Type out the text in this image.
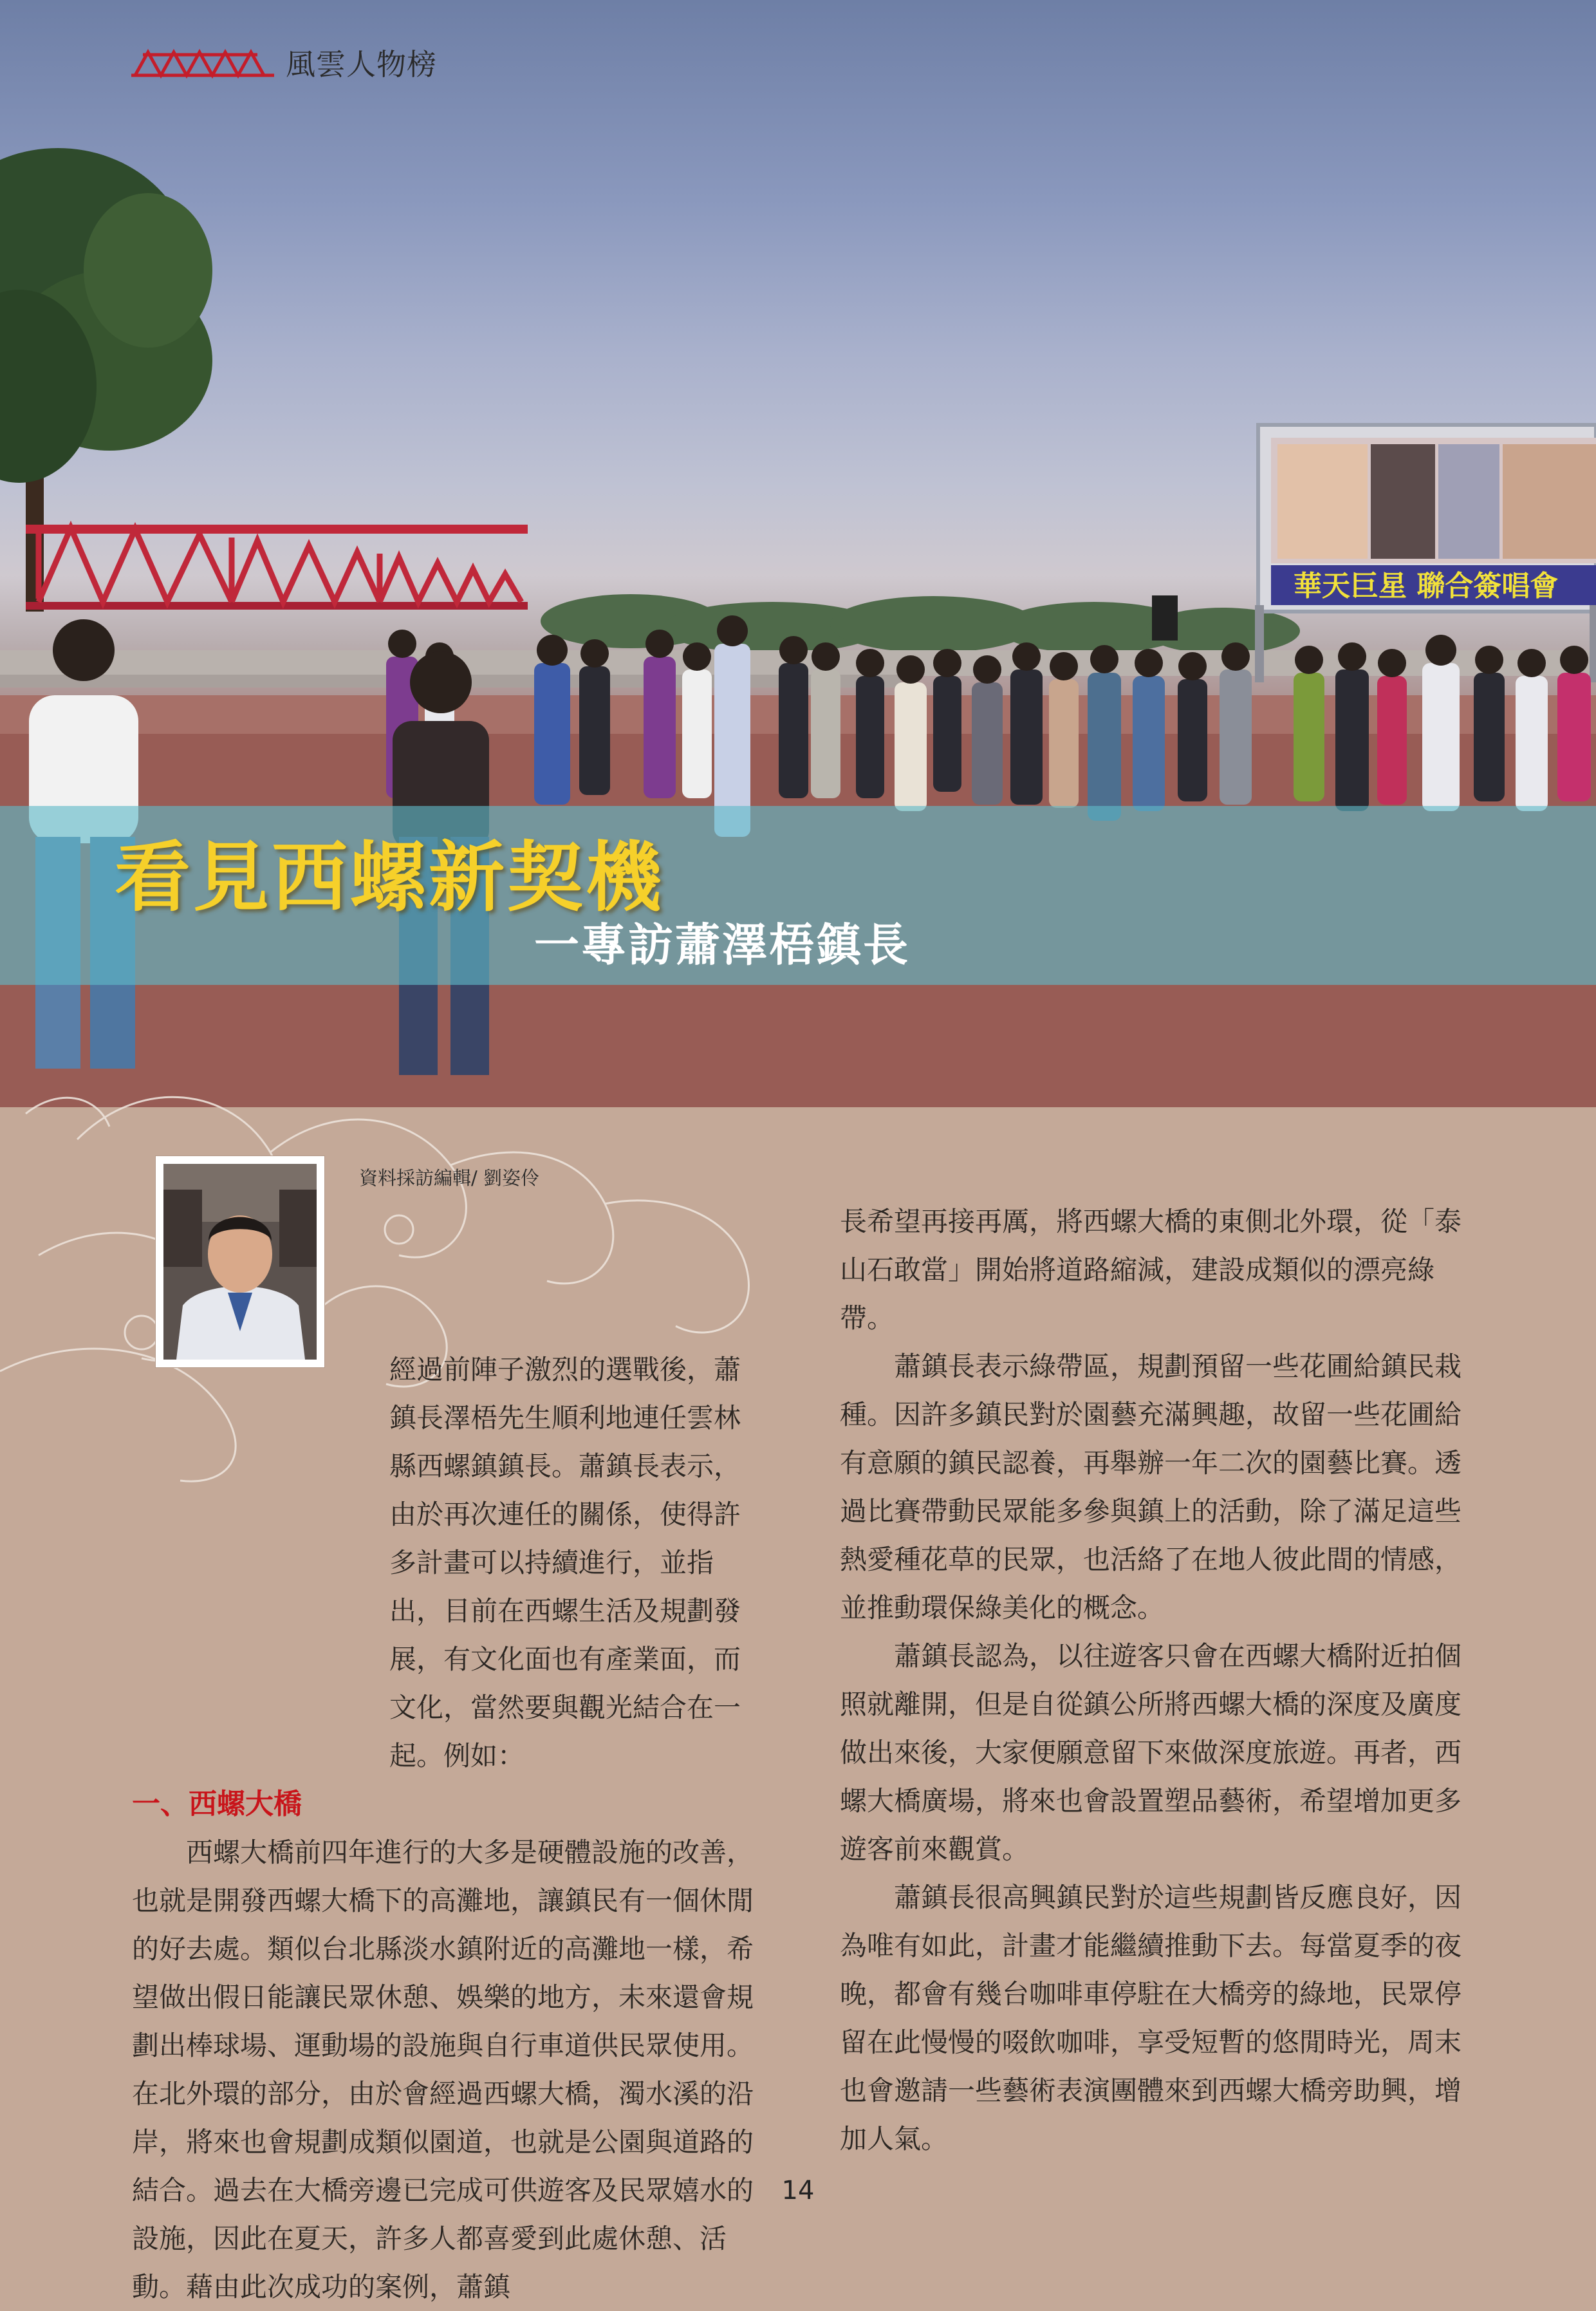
華天巨星 聯合簽唱會
看見西螺新契機
一專訪蕭澤梧鎮長
風雲人物榜
資料採訪編輯/ 劉姿伶

經過前陣子激烈的選戰後，蕭鎮長澤梧先生順利地連任雲林縣西螺鎮鎮長。蕭鎮長表示，由於再次連任的關係，使得許多計畫可以持續進行，並指出，目前在西螺生活及規劃發展，有文化面也有產業面，而文化，當然要與觀光結合在一起。例如：

一、西螺大橋

西螺大橋前四年進行的大多是硬體設施的改善，也就是開發西螺大橋下的高灘地，讓鎮民有一個休閒的好去處。類似台北縣淡水鎮附近的高灘地一樣，希望做出假日能讓民眾休憩、娛樂的地方，未來還會規劃出棒球場、運動場的設施與自行車道供民眾使用。在北外環的部分，由於會經過西螺大橋，濁水溪的沿岸，將來也會規劃成類似園道，也就是公園與道路的結合。過去在大橋旁邊已完成可供遊客及民眾嬉水的設施，因此在夏天，許多人都喜愛到此處休憩、活動。藉由此次成功的案例，蕭鎮

長希望再接再厲，將西螺大橋的東側北外環，從「泰山石敢當」開始將道路縮減，建設成類似的漂亮綠帶。

蕭鎮長表示綠帶區，規劃預留一些花圃給鎮民栽種。因許多鎮民對於園藝充滿興趣，故留一些花圃給有意願的鎮民認養，再舉辦一年二次的園藝比賽。透過比賽帶動民眾能多參與鎮上的活動，除了滿足這些熱愛種花草的民眾，也活絡了在地人彼此間的情感，並推動環保綠美化的概念。

蕭鎮長認為，以往遊客只會在西螺大橋附近拍個照就離開，但是自從鎮公所將西螺大橋的深度及廣度做出來後，大家便願意留下來做深度旅遊。再者，西螺大橋廣場，將來也會設置塑品藝術，希望增加更多遊客前來觀賞。

蕭鎮長很高興鎮民對於這些規劃皆反應良好，因為唯有如此，計畫才能繼續推動下去。每當夏季的夜晚，都會有幾台咖啡車停駐在大橋旁的綠地，民眾停留在此慢慢的啜飲咖啡，享受短暫的悠閒時光，周末也會邀請一些藝術表演團體來到西螺大橋旁助興，增加人氣。

14
